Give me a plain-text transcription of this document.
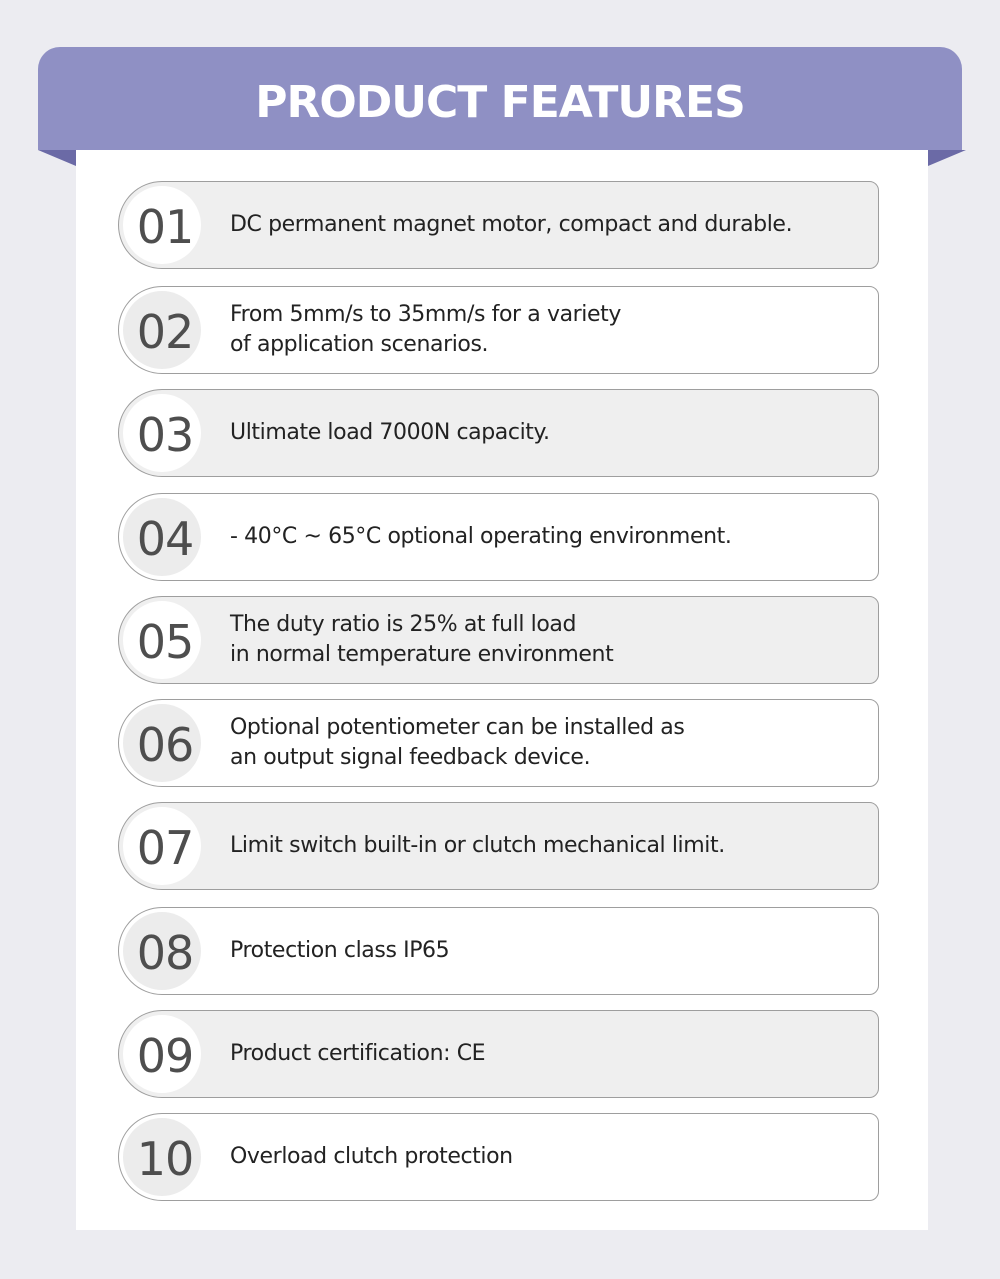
PRODUCT FEATURES
01 DC permanent magnet motor, compact and durable.
02 From 5mm/s to 35mm/s for a variety
of application scenarios.
03 Ultimate load 7000N capacity.
04 - 40°C ~ 65°C optional operating environment.
05 The duty ratio is 25% at full load
in normal temperature environment
06 Optional potentiometer can be installed as
an output signal feedback device.
07 Limit switch built-in or clutch mechanical limit.
08 Protection class IP65
09 Product certification: CE
10 Overload clutch protection
